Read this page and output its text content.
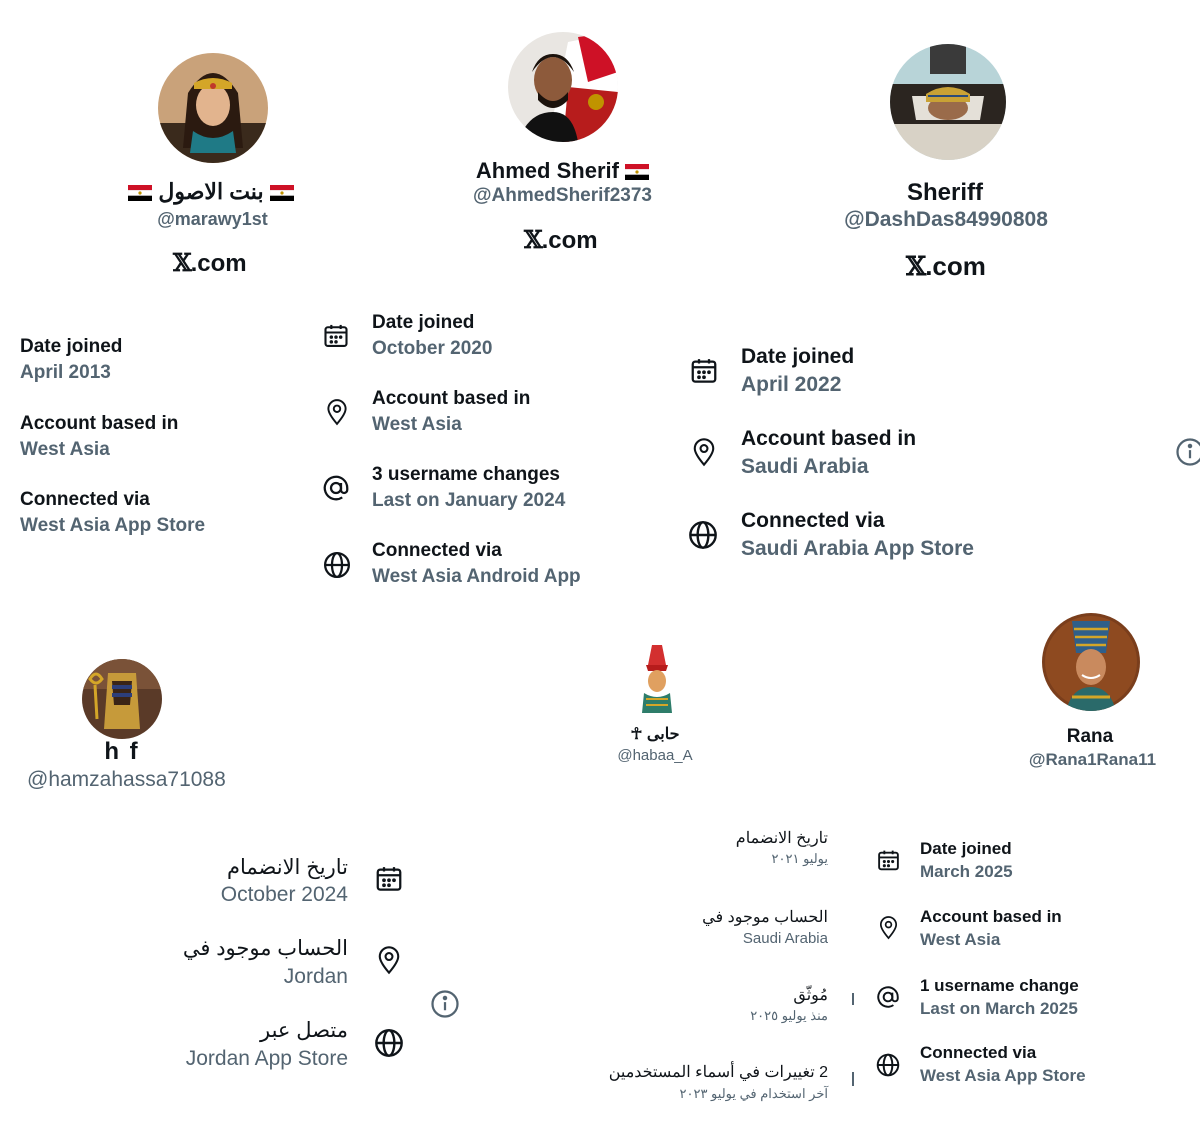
بنت الاصول
@marawy1st
𝕏.com
Date joined
April 2013
Account based in
West Asia
Connected via
West Asia App Store
Ahmed Sherif
@AhmedSherif2373
𝕏.com
Date joined
October 2020
Account based in
West Asia
3 username changes
Last on January 2024
Connected via
West Asia Android App
Sheriff
@DashDas84990808
𝕏.com
Date joined
April 2022
Account based in
Saudi Arabia
Connected via
Saudi Arabia App Store
h f
@hamzahassa71088
تاريخ الانضمام
October 2024
الحساب موجود في
Jordan
متصل عبر
Jordan App Store
حابى ☥
@habaa_A
تاريخ الانضمام
يوليو ٢٠٢١
الحساب موجود في
Saudi Arabia
مُوثّق
منذ يوليو ٢٠٢٥
2 تغييرات في أسماء المستخدمين
آخر استخدام في يوليو ٢٠٢٣
Rana
@Rana1Rana11
Date joined
March 2025
Account based in
West Asia
1 username change
Last on March 2025
Connected via
West Asia App Store
